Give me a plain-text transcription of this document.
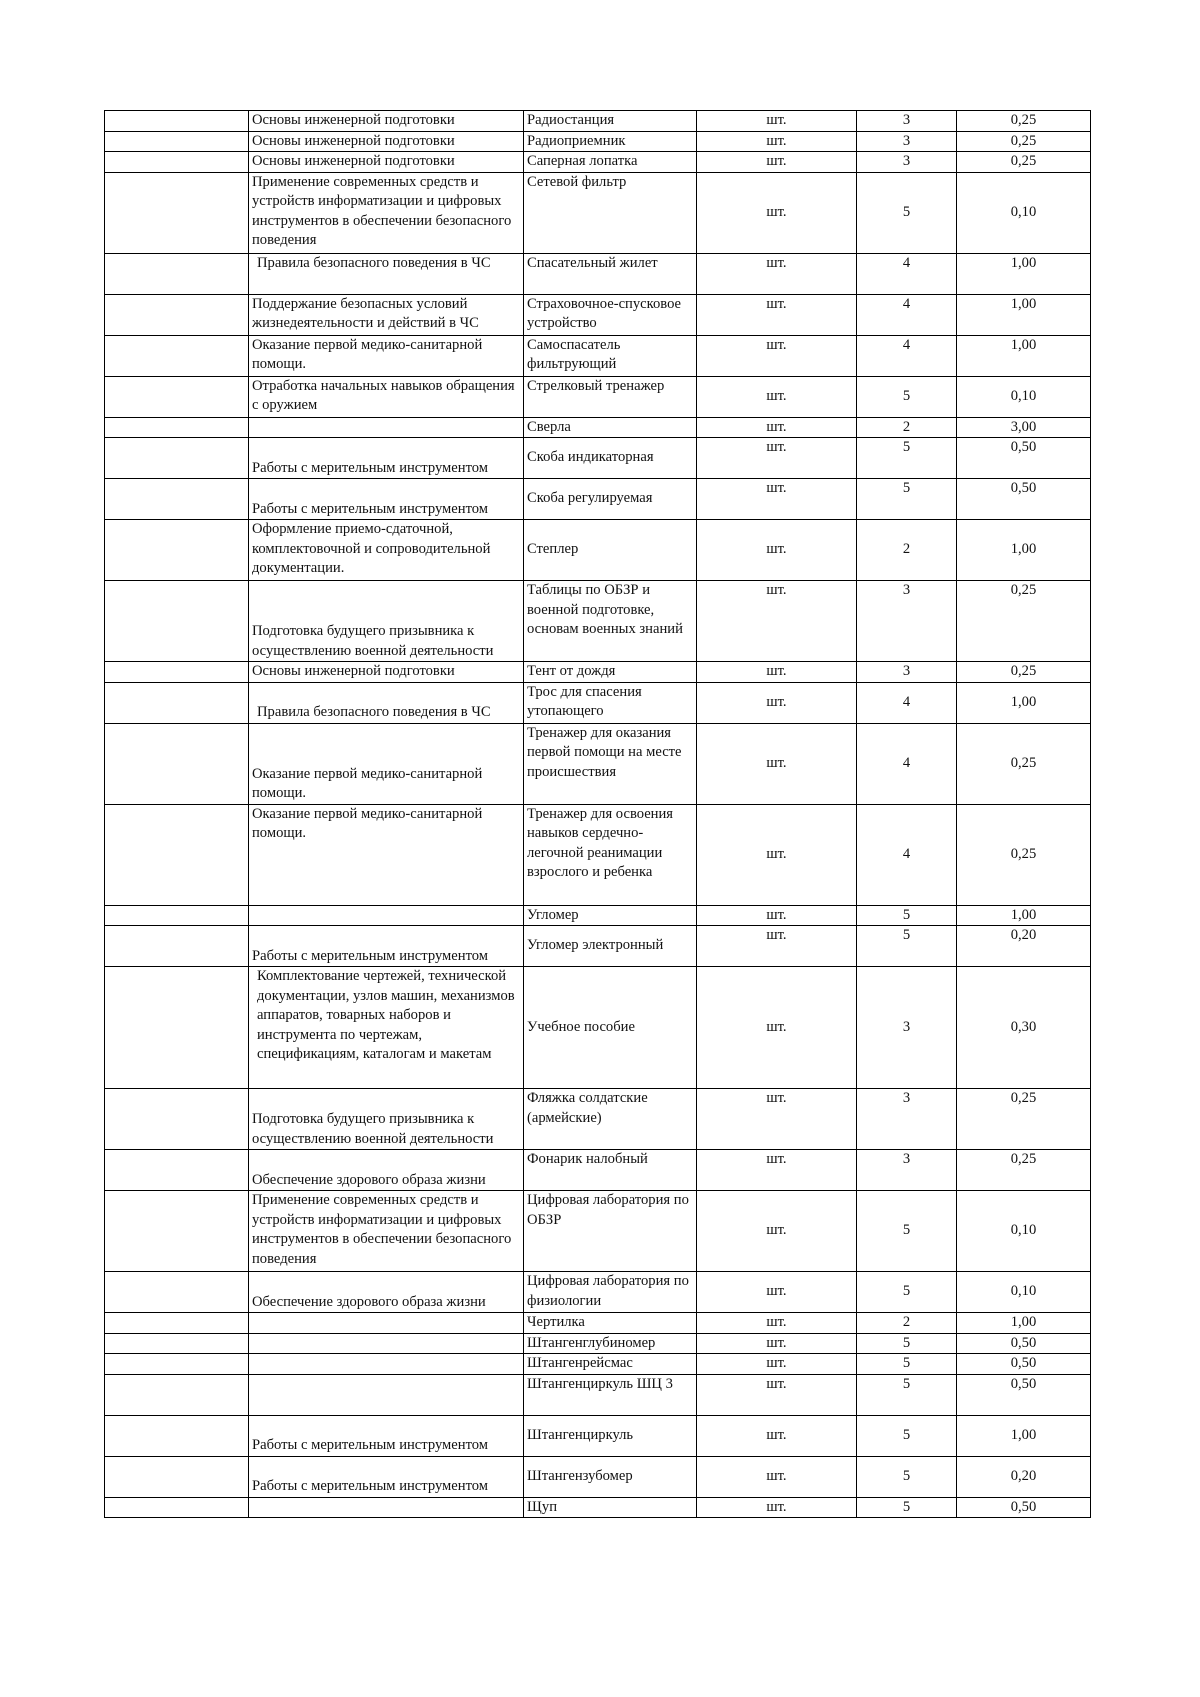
	Основы инженерной подготовки	Радиостанция	шт.	3	0,25
	Основы инженерной подготовки	Радиоприемник	шт.	3	0,25
	Основы инженерной подготовки	Саперная лопатка	шт.	3	0,25
	Применение современных средств и устройств информатизации и цифровых инструментов в обеспечении безопасного поведения	Сетевой фильтр	шт.	5	0,10
	Правила безопасного поведения в ЧС	Спасательный жилет	шт.	4	1,00
	Поддержание безопасных условий жизнедеятельности и действий в ЧС	Страховочное-спусковое устройство	шт.	4	1,00
	Оказание первой медико-санитарной помощи.	Самоспасатель фильтрующий	шт.	4	1,00
	Отработка начальных навыков обращения с оружием	Стрелковый тренажер	шт.	5	0,10
		Сверла	шт.	2	3,00
	Работы с мерительным инструментом	Скоба индикаторная	шт.	5	0,50
	Работы с мерительным инструментом	Скоба регулируемая	шт.	5	0,50
	Оформление приемо-сдаточной, комплектовочной и сопроводительной документации.	Степлер	шт.	2	1,00
	Подготовка будущего призывника к осуществлению военной деятельности	Таблицы по ОБЗР и военной подготовке, основам военных знаний	шт.	3	0,25
	Основы инженерной подготовки	Тент от дождя	шт.	3	0,25
	Правила безопасного поведения в ЧС	Трос для спасения утопающего	шт.	4	1,00
	Оказание первой медико-санитарной помощи.	Тренажер для оказания первой помощи на месте происшествия	шт.	4	0,25
	Оказание первой медико-санитарной помощи.	Тренажер для освоения навыков сердечно-легочной реанимации взрослого и ребенка	шт.	4	0,25
		Угломер	шт.	5	1,00
	Работы с мерительным инструментом	Угломер электронный	шт.	5	0,20
	Комплектование чертежей, технической документации, узлов машин, механизмов аппаратов, товарных наборов и инструмента по чертежам, спецификациям, каталогам и макетам	Учебное пособие	шт.	3	0,30
	Подготовка будущего призывника к осуществлению военной деятельности	Фляжка солдатские (армейские)	шт.	3	0,25
	Обеспечение здорового образа жизни	Фонарик налобный	шт.	3	0,25
	Применение современных средств и устройств информатизации и цифровых инструментов в обеспечении безопасного поведения	Цифровая лаборатория по ОБЗР	шт.	5	0,10
	Обеспечение здорового образа жизни	Цифровая лаборатория по физиологии	шт.	5	0,10
		Чертилка	шт.	2	1,00
		Штангенглубиномер	шт.	5	0,50
		Штангенрейсмас	шт.	5	0,50
		Штангенциркуль ШЦ 3	шт.	5	0,50
	Работы с мерительным инструментом	Штангенциркуль	шт.	5	1,00
	Работы с мерительным инструментом	Штангензубомер	шт.	5	0,20
		Щуп	шт.	5	0,50
